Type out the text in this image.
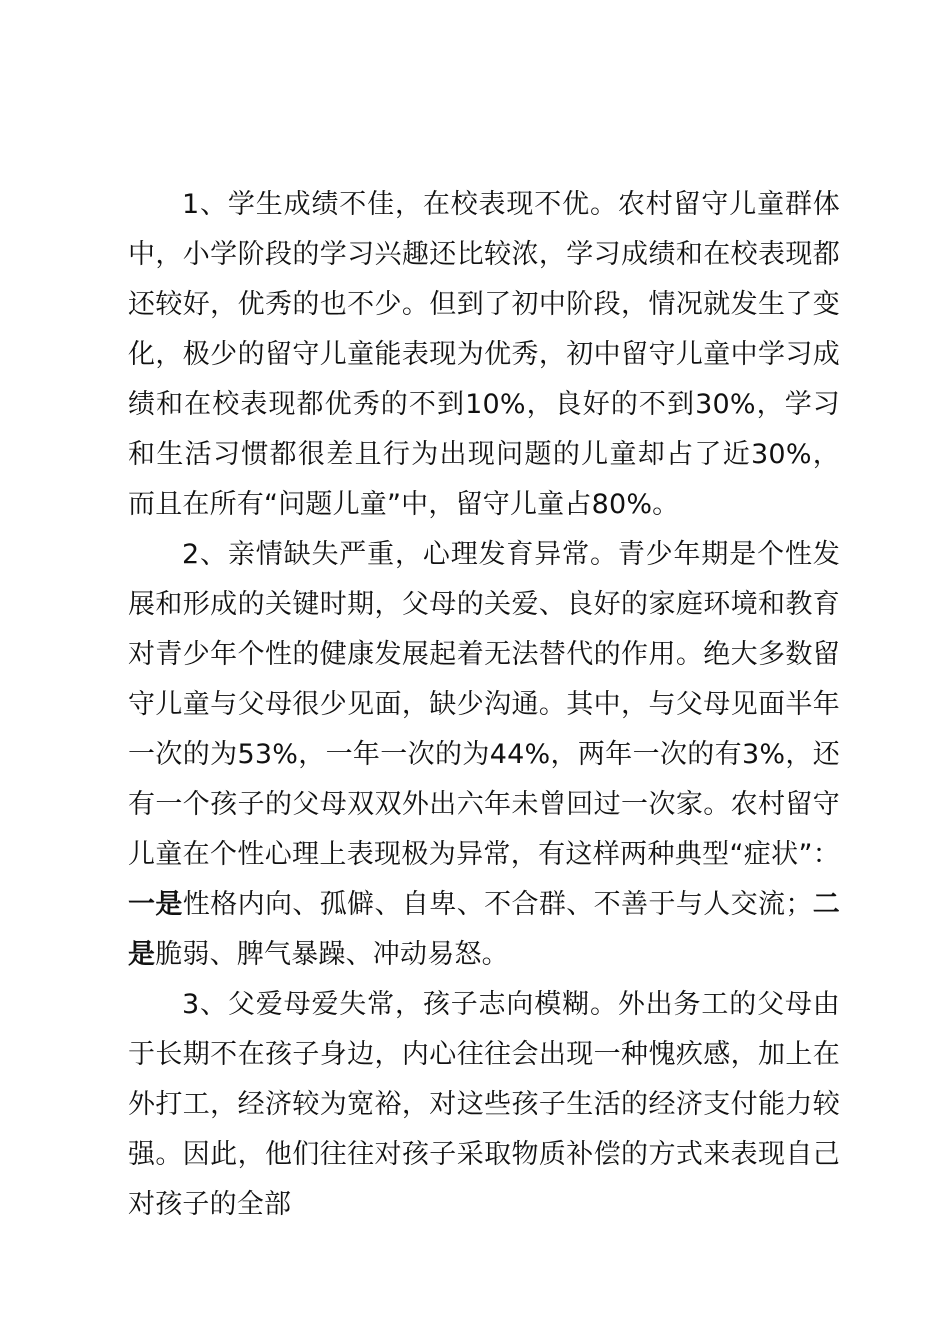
1、学生成绩不佳，在校表现不优。农村留守儿童群体中，小学阶段的学习兴趣还比较浓，学习成绩和在校表现都还较好，优秀的也不少。但到了初中阶段，情况就发生了变化，极少的留守儿童能表现为优秀，初中留守儿童中学习成绩和在校表现都优秀的不到10%，良好的不到30%，学习和生活习惯都很差且行为出现问题的儿童却占了近30%，而且在所有“问题儿童”中，留守儿童占80%。

2、亲情缺失严重，心理发育异常。青少年期是个性发展和形成的关键时期，父母的关爱、良好的家庭环境和教育对青少年个性的健康发展起着无法替代的作用。绝大多数留守儿童与父母很少见面，缺少沟通。其中，与父母见面半年一次的为53%，一年一次的为44%，两年一次的有3%，还有一个孩子的父母双双外出六年未曾回过一次家。农村留守儿童在个性心理上表现极为异常，有这样两种典型“症状”：一是性格内向、孤僻、自卑、不合群、不善于与人交流；二是脆弱、脾气暴躁、冲动易怒。

3、父爱母爱失常，孩子志向模糊。外出务工的父母由于长期不在孩子身边，内心往往会出现一种愧疚感，加上在外打工，经济较为宽裕，对这些孩子生活的经济支付能力较强。因此，他们往往对孩子采取物质补偿的方式来表现自己对孩子的全部
